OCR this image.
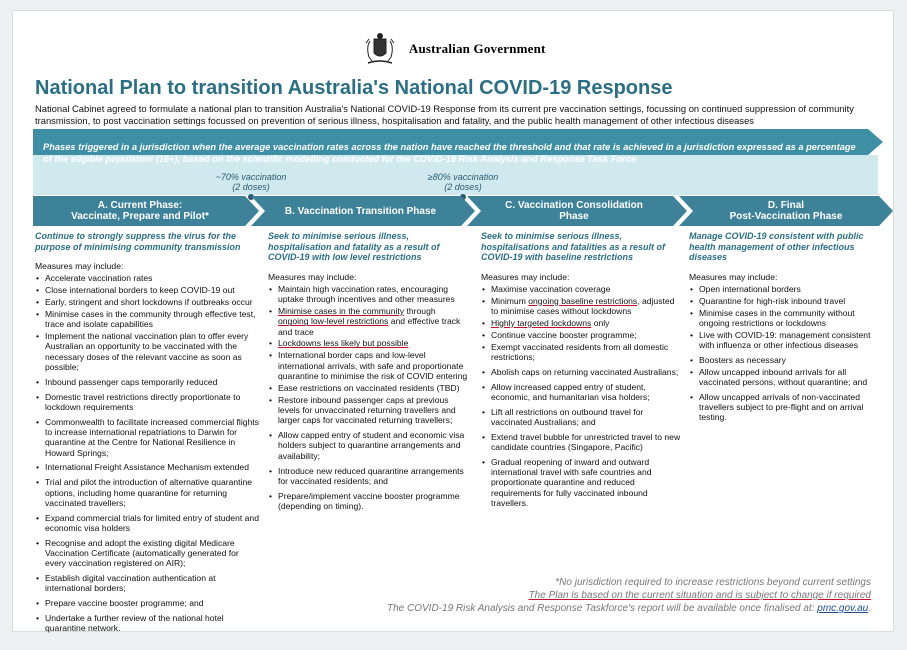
Australian Government
National Plan to transition Australia's National COVID-19 Response
National Cabinet agreed to formulate a national plan to transition Australia's National COVID-19 Response from its current pre vaccination settings, focussing on continued suppression of community transmission, to post vaccination settings focussed on prevention of serious illness, hospitalisation and fatality, and the public health management of other infectious diseases
Phases triggered in a jurisdiction when the average vaccination rates across the nation have reached the threshold and that rate is achieved in a jurisdiction expressed as a percentage of the eligible population (16+), based on the scientific modelling conducted for the COVID-19 Risk Analysis and Response Task Force
~70% vaccination
(2 doses)
≥80% vaccination
(2 doses)
A. Current Phase:
Vaccinate, Prepare and Pilot*	B. Vaccination Transition Phase	C. Vaccination Consolidation
Phase
D. Final
Post-Vaccination Phase
Continue to strongly suppress the virus for the purpose of minimising community transmission
Measures may include:
• Accelerate vaccination rates
• Close international borders to keep COVID-19 out
• Early, stringent and short lockdowns if outbreaks occur
• Minimise cases in the community through effective test, trace and isolate capabilities
• Implement the national vaccination plan to offer every Australian an opportunity to be vaccinated with the necessary doses of the relevant vaccine as soon as possible;
• Inbound passenger caps temporarily reduced
• Domestic travel restrictions directly proportionate to lockdown requirements
• Commonwealth to facilitate increased commercial flights to increase international repatriations to Darwin for quarantine at the Centre for National Resilience in Howard Springs;
• International Freight Assistance Mechanism extended
• Trial and pilot the introduction of alternative quarantine options, including home quarantine for returning vaccinated travellers;
• Expand commercial trials for limited entry of student and economic visa holders
• Recognise and adopt the existing digital Medicare Vaccination Certificate (automatically generated for every vaccination registered on AIR);
• Establish digital vaccination authentication at international borders;
• Prepare vaccine booster programme; and
• Undertake a further review of the national hotel quarantine network.
Seek to minimise serious illness, hospitalisation and fatality as a result of COVID-19 with low level restrictions
Measures may include:
• Maintain high vaccination rates, encouraging uptake through incentives and other measures
• Minimise cases in the community through ongoing low-level restrictions and effective track and trace
• Lockdowns less likely but possible
• International border caps and low-level international arrivals, with safe and proportionate quarantine to minimise the risk of COVID entering
• Ease restrictions on vaccinated residents (TBD)
• Restore inbound passenger caps at previous levels for unvaccinated returning travellers and larger caps for vaccinated returning travellers;
• Allow capped entry of student and economic visa holders subject to quarantine arrangements and availability;
• Introduce new reduced quarantine arrangements for vaccinated residents; and
• Prepare/implement vaccine booster programme (depending on timing).
Seek to minimise serious illness, hospitalisations and fatalities as a result of COVID-19 with baseline restrictions
Measures may include:
• Maximise vaccination coverage
• Minimum ongoing baseline restrictions, adjusted to minimise cases without lockdowns
• Highly targeted lockdowns only
• Continue vaccine booster programme;
• Exempt vaccinated residents from all domestic restrictions;
• Abolish caps on returning vaccinated Australians;
• Allow increased capped entry of student, economic, and humanitarian visa holders;
• Lift all restrictions on outbound travel for vaccinated Australians; and
• Extend travel bubble for unrestricted travel to new candidate countries (Singapore, Pacific)
• Gradual reopening of inward and outward international travel with safe countries and proportionate quarantine and reduced requirements for fully vaccinated inbound travellers.
Manage COVID-19 consistent with public health management of other infectious diseases
Measures may include:
• Open international borders
• Quarantine for high-risk inbound travel
• Minimise cases in the community without ongoing restrictions or lockdowns
• Live with COVID-19: management consistent with influenza or other infectious diseases
• Boosters as necessary
• Allow uncapped inbound arrivals for all vaccinated persons, without quarantine; and
• Allow uncapped arrivals of non-vaccinated travellers subject to pre-flight and on arrival testing.
*No jurisdiction required to increase restrictions beyond current settings
The Plan is based on the current situation and is subject to change if required
The COVID-19 Risk Analysis and Response Taskforce's report will be available once finalised at: pmc.gov.au.
